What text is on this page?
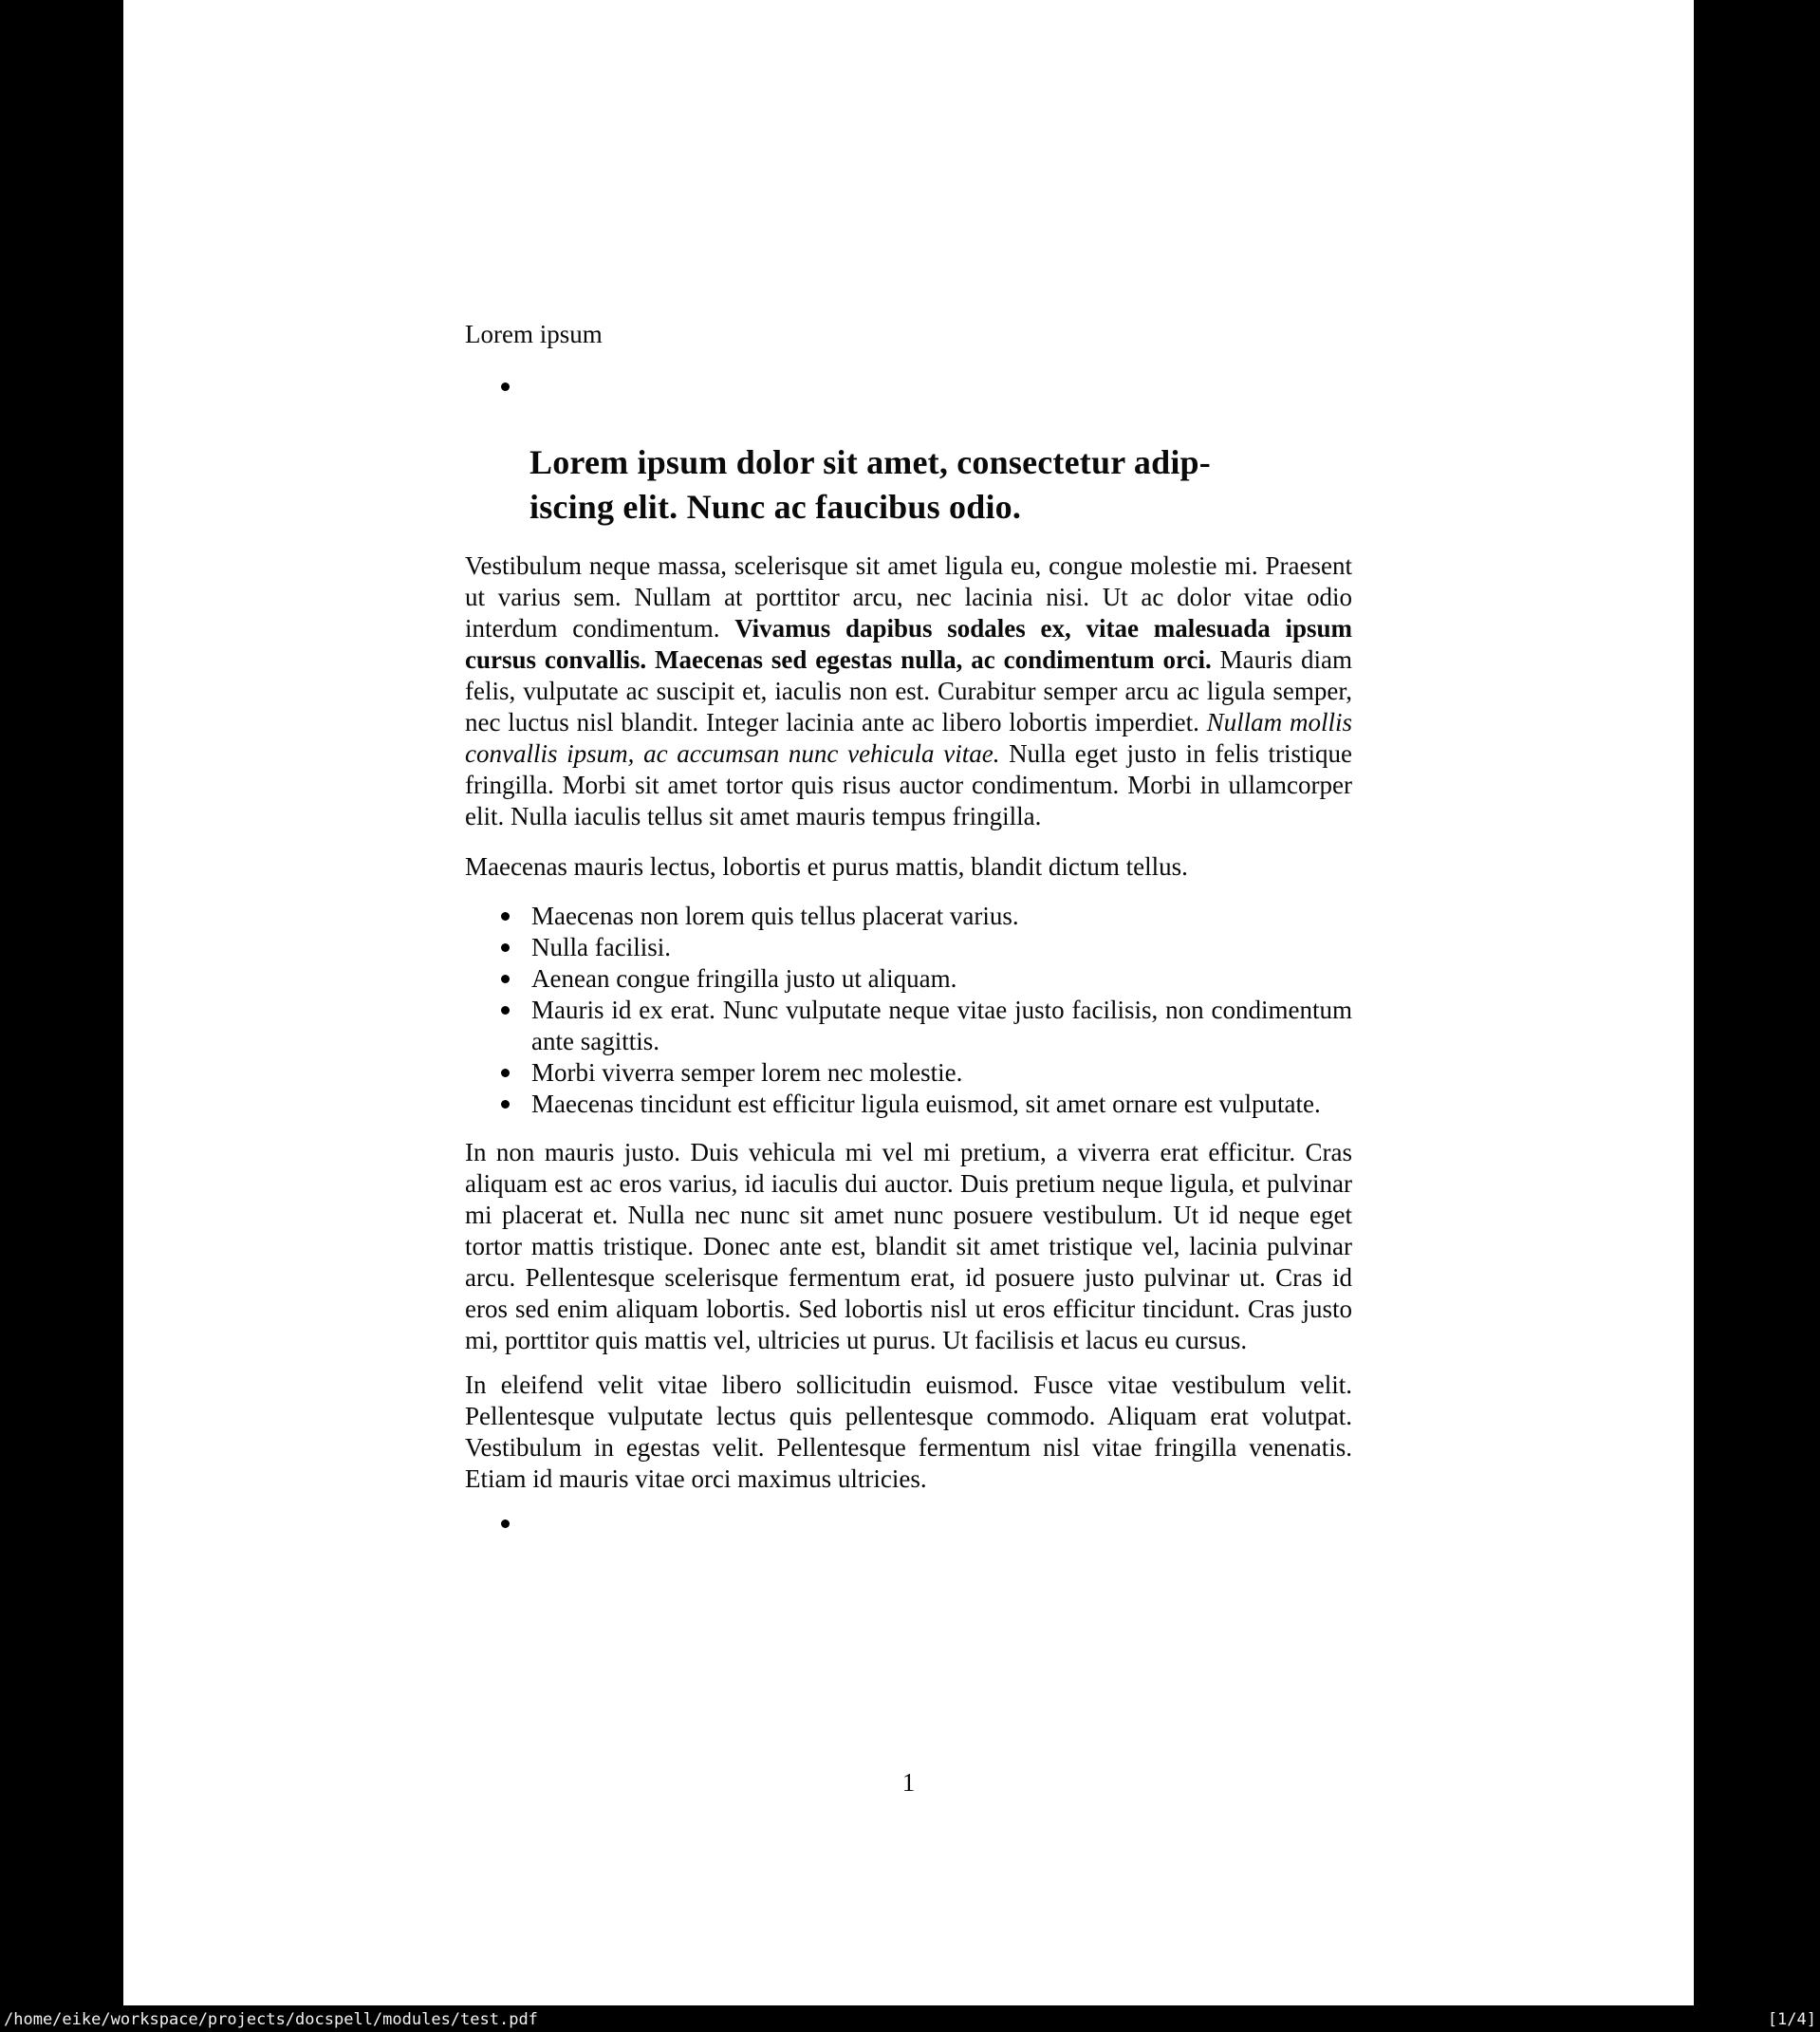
Lorem ipsum
Lorem ipsum dolor sit amet, consectetur adip-
iscing elit. Nunc ac faucibus odio.

Vestibulum neque massa, scelerisque sit amet ligula eu, congue molestie mi. Praesent ut varius sem. Nullam at porttitor arcu, nec lacinia nisi. Ut ac dolor vitae odio interdum condimentum. Vivamus dapibus sodales ex, vitae malesuada ipsum cursus convallis. Maecenas sed egestas nulla, ac condimentum orci. Mauris diam felis, vulputate ac suscipit et, iaculis non est. Curabitur semper arcu ac ligula semper, nec luctus nisl blandit. Integer lacinia ante ac libero lobortis imperdiet. Nullam mollis convallis ipsum, ac accumsan nunc vehicula vitae. Nulla eget justo in felis tristique fringilla. Morbi sit amet tortor quis risus auctor condimentum. Morbi in ullamcorper elit. Nulla iaculis tellus sit amet mauris tempus fringilla.

Maecenas mauris lectus, lobortis et purus mattis, blandit dictum tellus.

Maecenas non lorem quis tellus placerat varius.
Nulla facilisi.
Aenean congue fringilla justo ut aliquam.
Mauris id ex erat. Nunc vulputate neque vitae justo facilisis, non condimentum ante sagittis.
Morbi viverra semper lorem nec molestie.
Maecenas tincidunt est efficitur ligula euismod, sit amet ornare est vulputate.

In non mauris justo. Duis vehicula mi vel mi pretium, a viverra erat efficitur. Cras aliquam est ac eros varius, id iaculis dui auctor. Duis pretium neque ligula, et pulvinar mi placerat et. Nulla nec nunc sit amet nunc posuere vestibulum. Ut id neque eget tortor mattis tristique. Donec ante est, blandit sit amet tristique vel, lacinia pulvinar arcu. Pellentesque scelerisque fermentum erat, id posuere justo pulvinar ut. Cras id eros sed enim aliquam lobortis. Sed lobortis nisl ut eros efficitur tincidunt. Cras justo mi, porttitor quis mattis vel, ultricies ut purus. Ut facilisis et lacus eu cursus.

In eleifend velit vitae libero sollicitudin euismod. Fusce vitae vestibulum velit. Pellentesque vulputate lectus quis pellentesque commodo. Aliquam erat volutpat. Vestibulum in egestas velit. Pellentesque fermentum nisl vitae fringilla venenatis. Etiam id mauris vitae orci maximus ultricies.

1
/home/eike/workspace/projects/docspell/modules/test.pdf	[1/4]
